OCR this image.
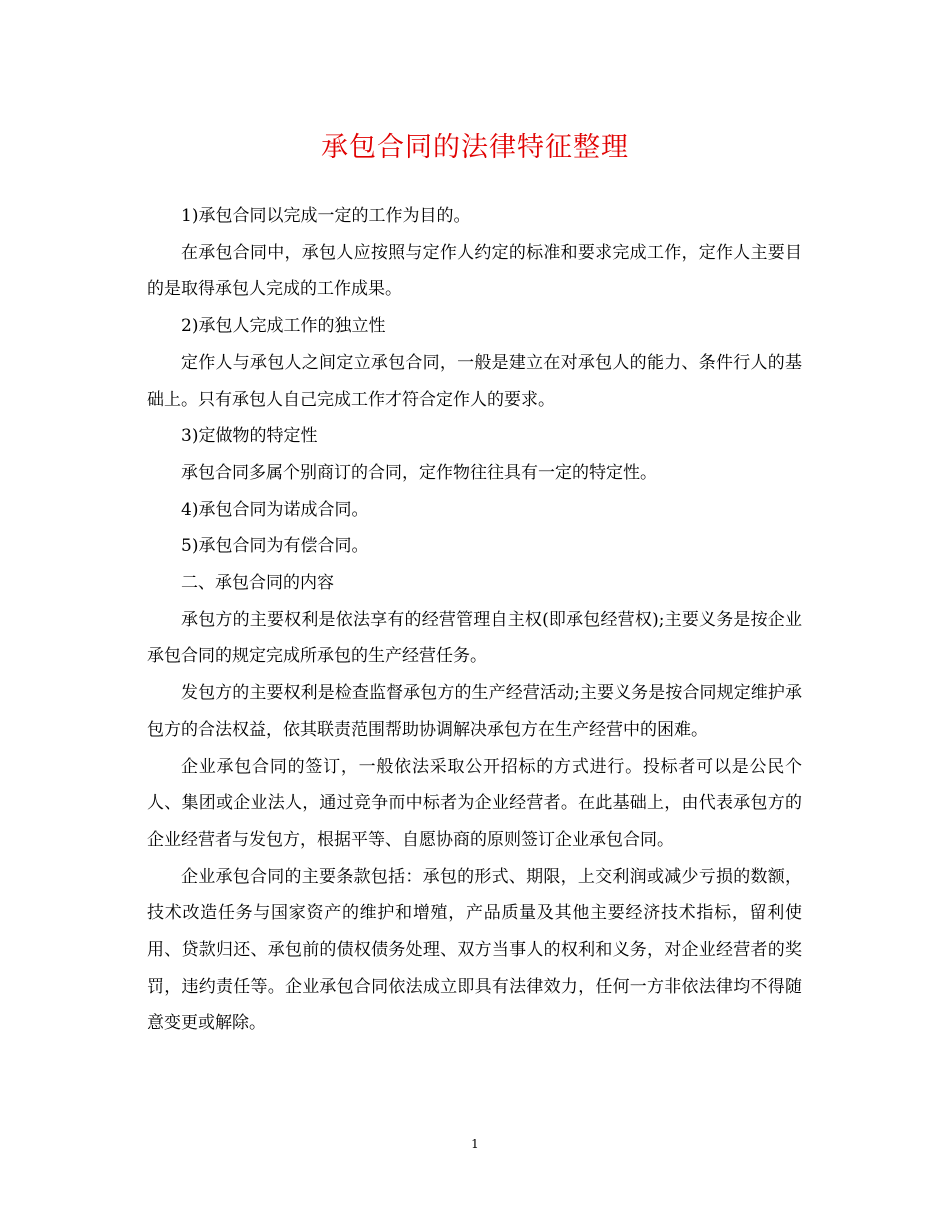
承包合同的法律特征整理

1)承包合同以完成一定的工作为目的。

在承包合同中，承包人应按照与定作人约定的标准和要求完成工作，定作人主要目的是取得承包人完成的工作成果。

2)承包人完成工作的独立性

定作人与承包人之间定立承包合同，一般是建立在对承包人的能力、条件行人的基础上。只有承包人自己完成工作才符合定作人的要求。

3)定做物的特定性

承包合同多属个别商订的合同，定作物往往具有一定的特定性。

4)承包合同为诺成合同。

5)承包合同为有偿合同。

二、承包合同的内容

承包方的主要权利是依法享有的经营管理自主权(即承包经营权);主要义务是按企业承包合同的规定完成所承包的生产经营任务。

发包方的主要权利是检查监督承包方的生产经营活动;主要义务是按合同规定维护承包方的合法权益，依其联责范围帮助协调解决承包方在生产经营中的困难。

企业承包合同的签订，一般依法采取公开招标的方式进行。投标者可以是公民个人、集团或企业法人，通过竞争而中标者为企业经营者。在此基础上，由代表承包方的企业经营者与发包方，根据平等、自愿协商的原则签订企业承包合同。

企业承包合同的主要条款包括：承包的形式、期限，上交利润或减少亏损的数额，技术改造任务与国家资产的维护和增殖，产品质量及其他主要经济技术指标，留利使用、贷款归还、承包前的债权债务处理、双方当事人的权利和义务，对企业经营者的奖罚，违约责任等。企业承包合同依法成立即具有法律效力，任何一方非依法律均不得随意变更或解除。

1
